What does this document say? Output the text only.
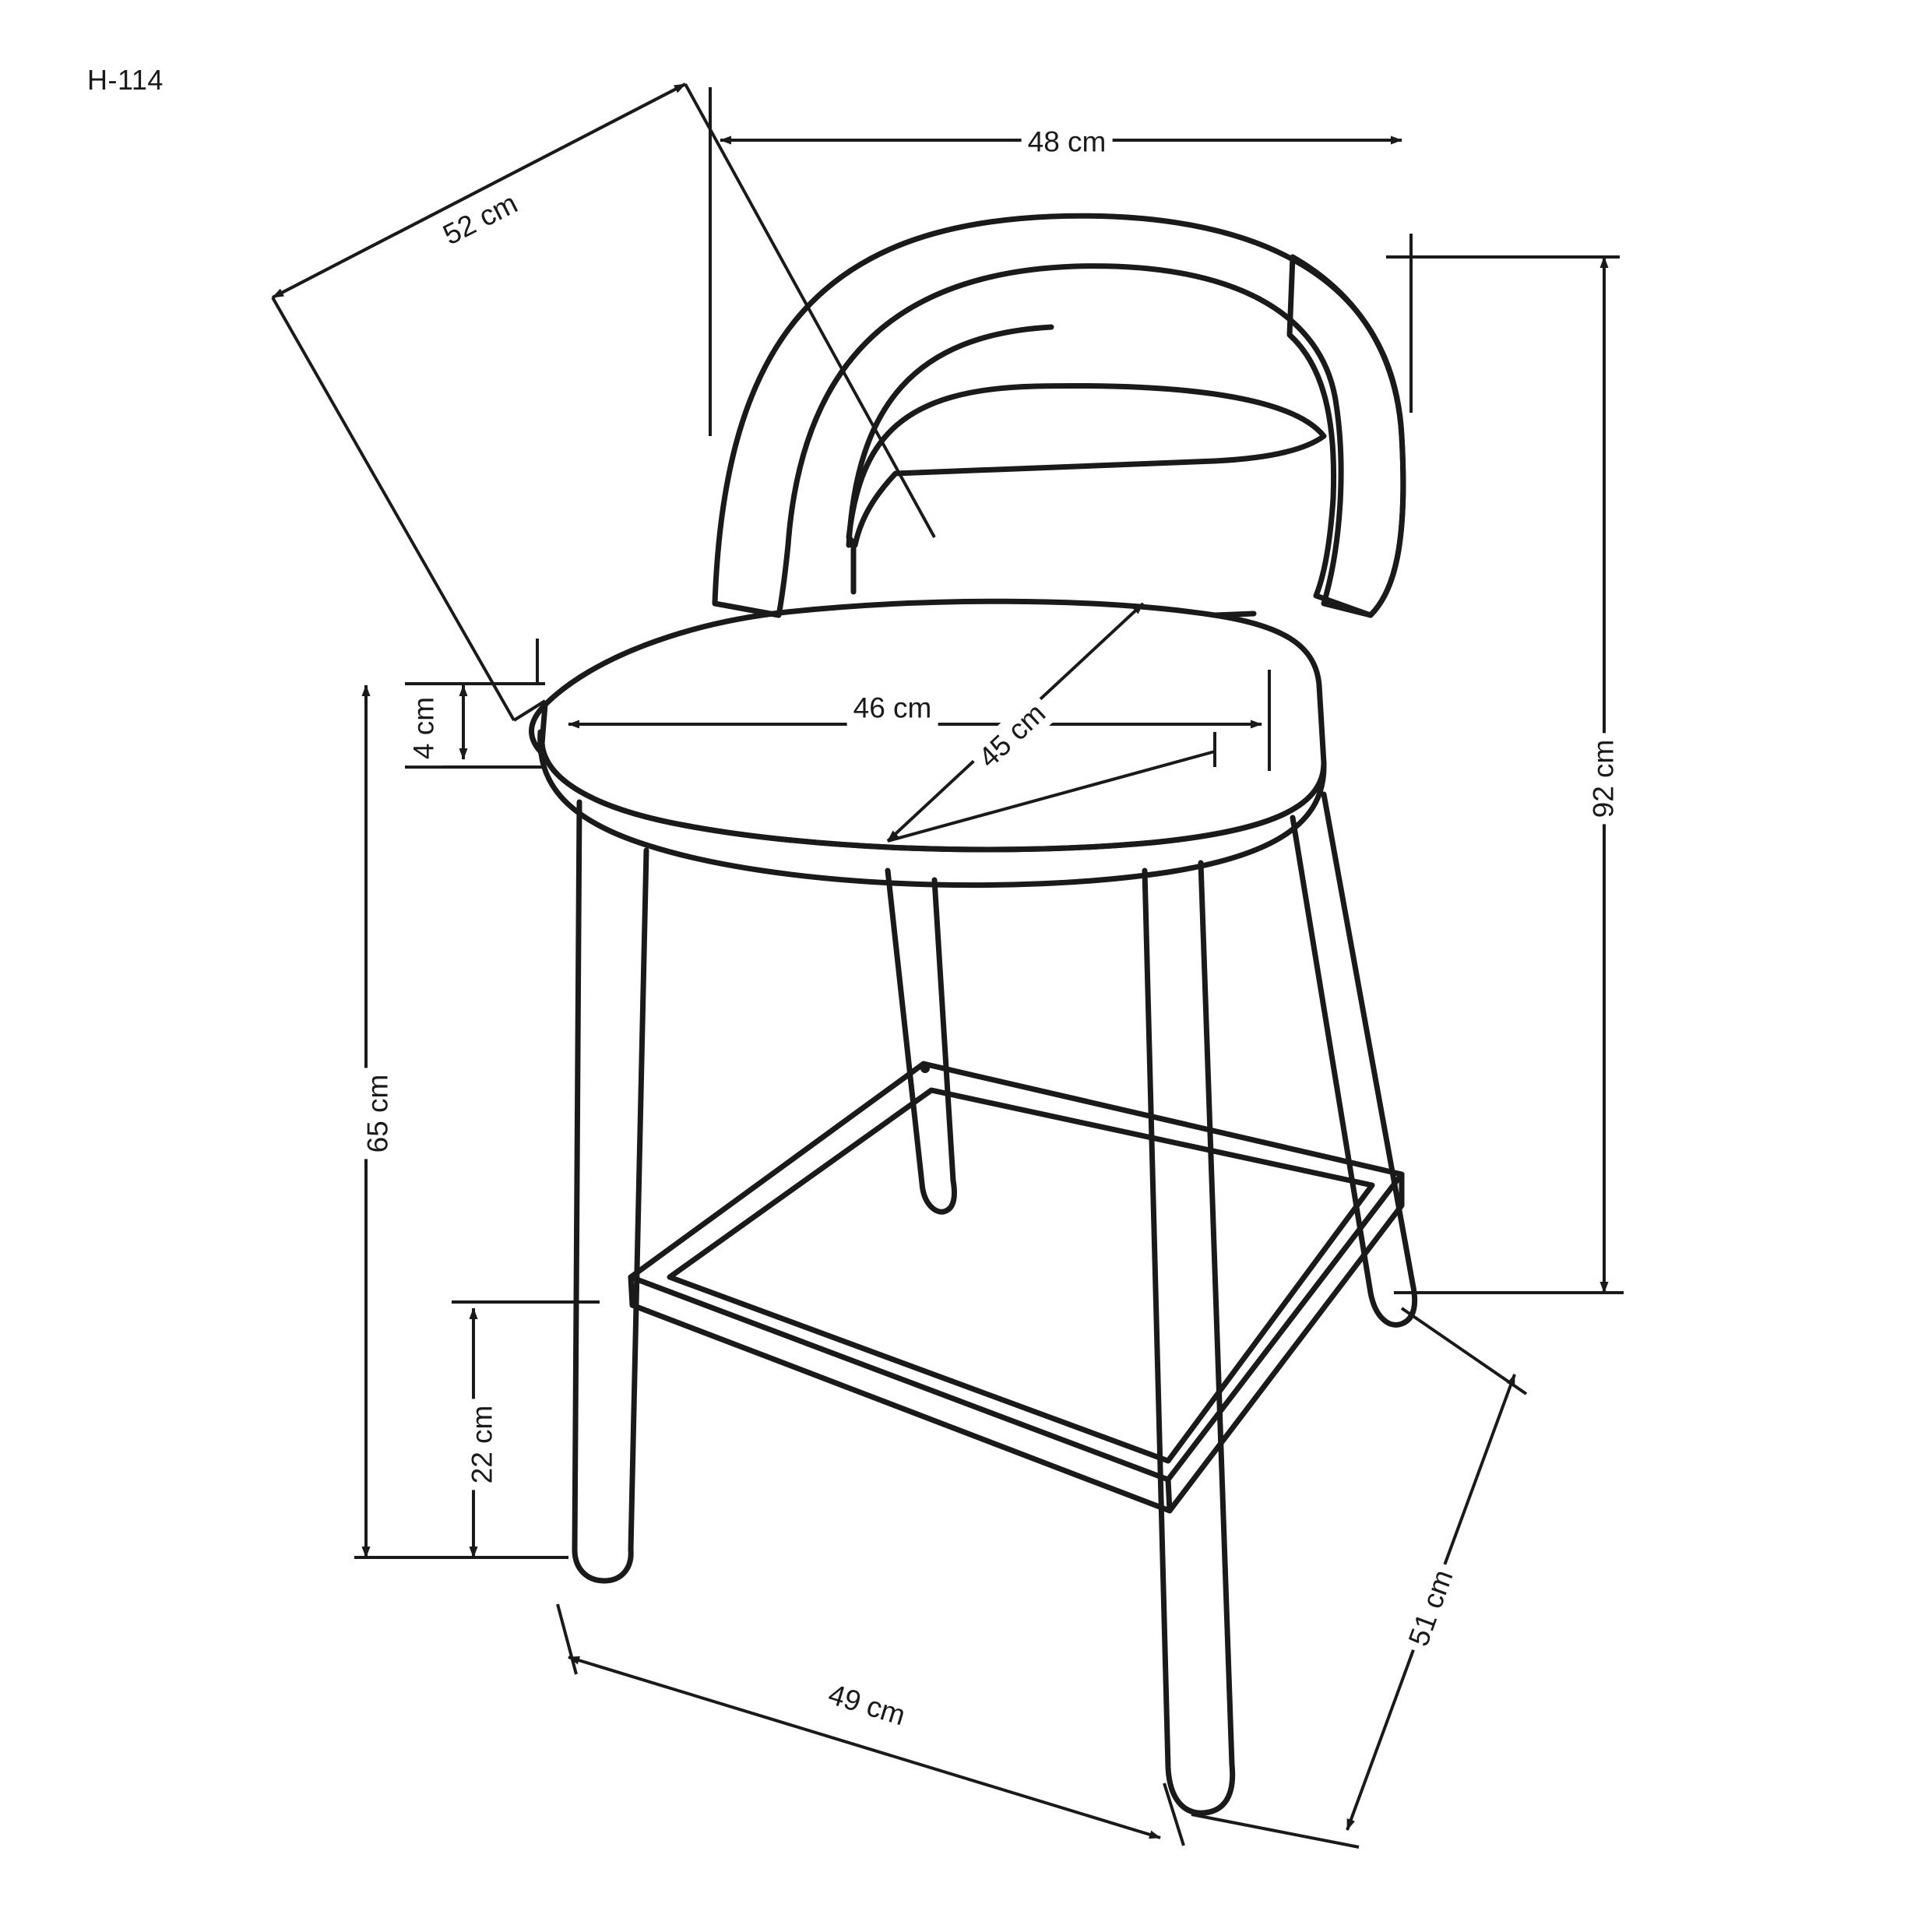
H-114
52 cm
48 cm
92 cm
4 cm	46 cm 45 cm
65 cm
22 cm
49 cm
51 cm
